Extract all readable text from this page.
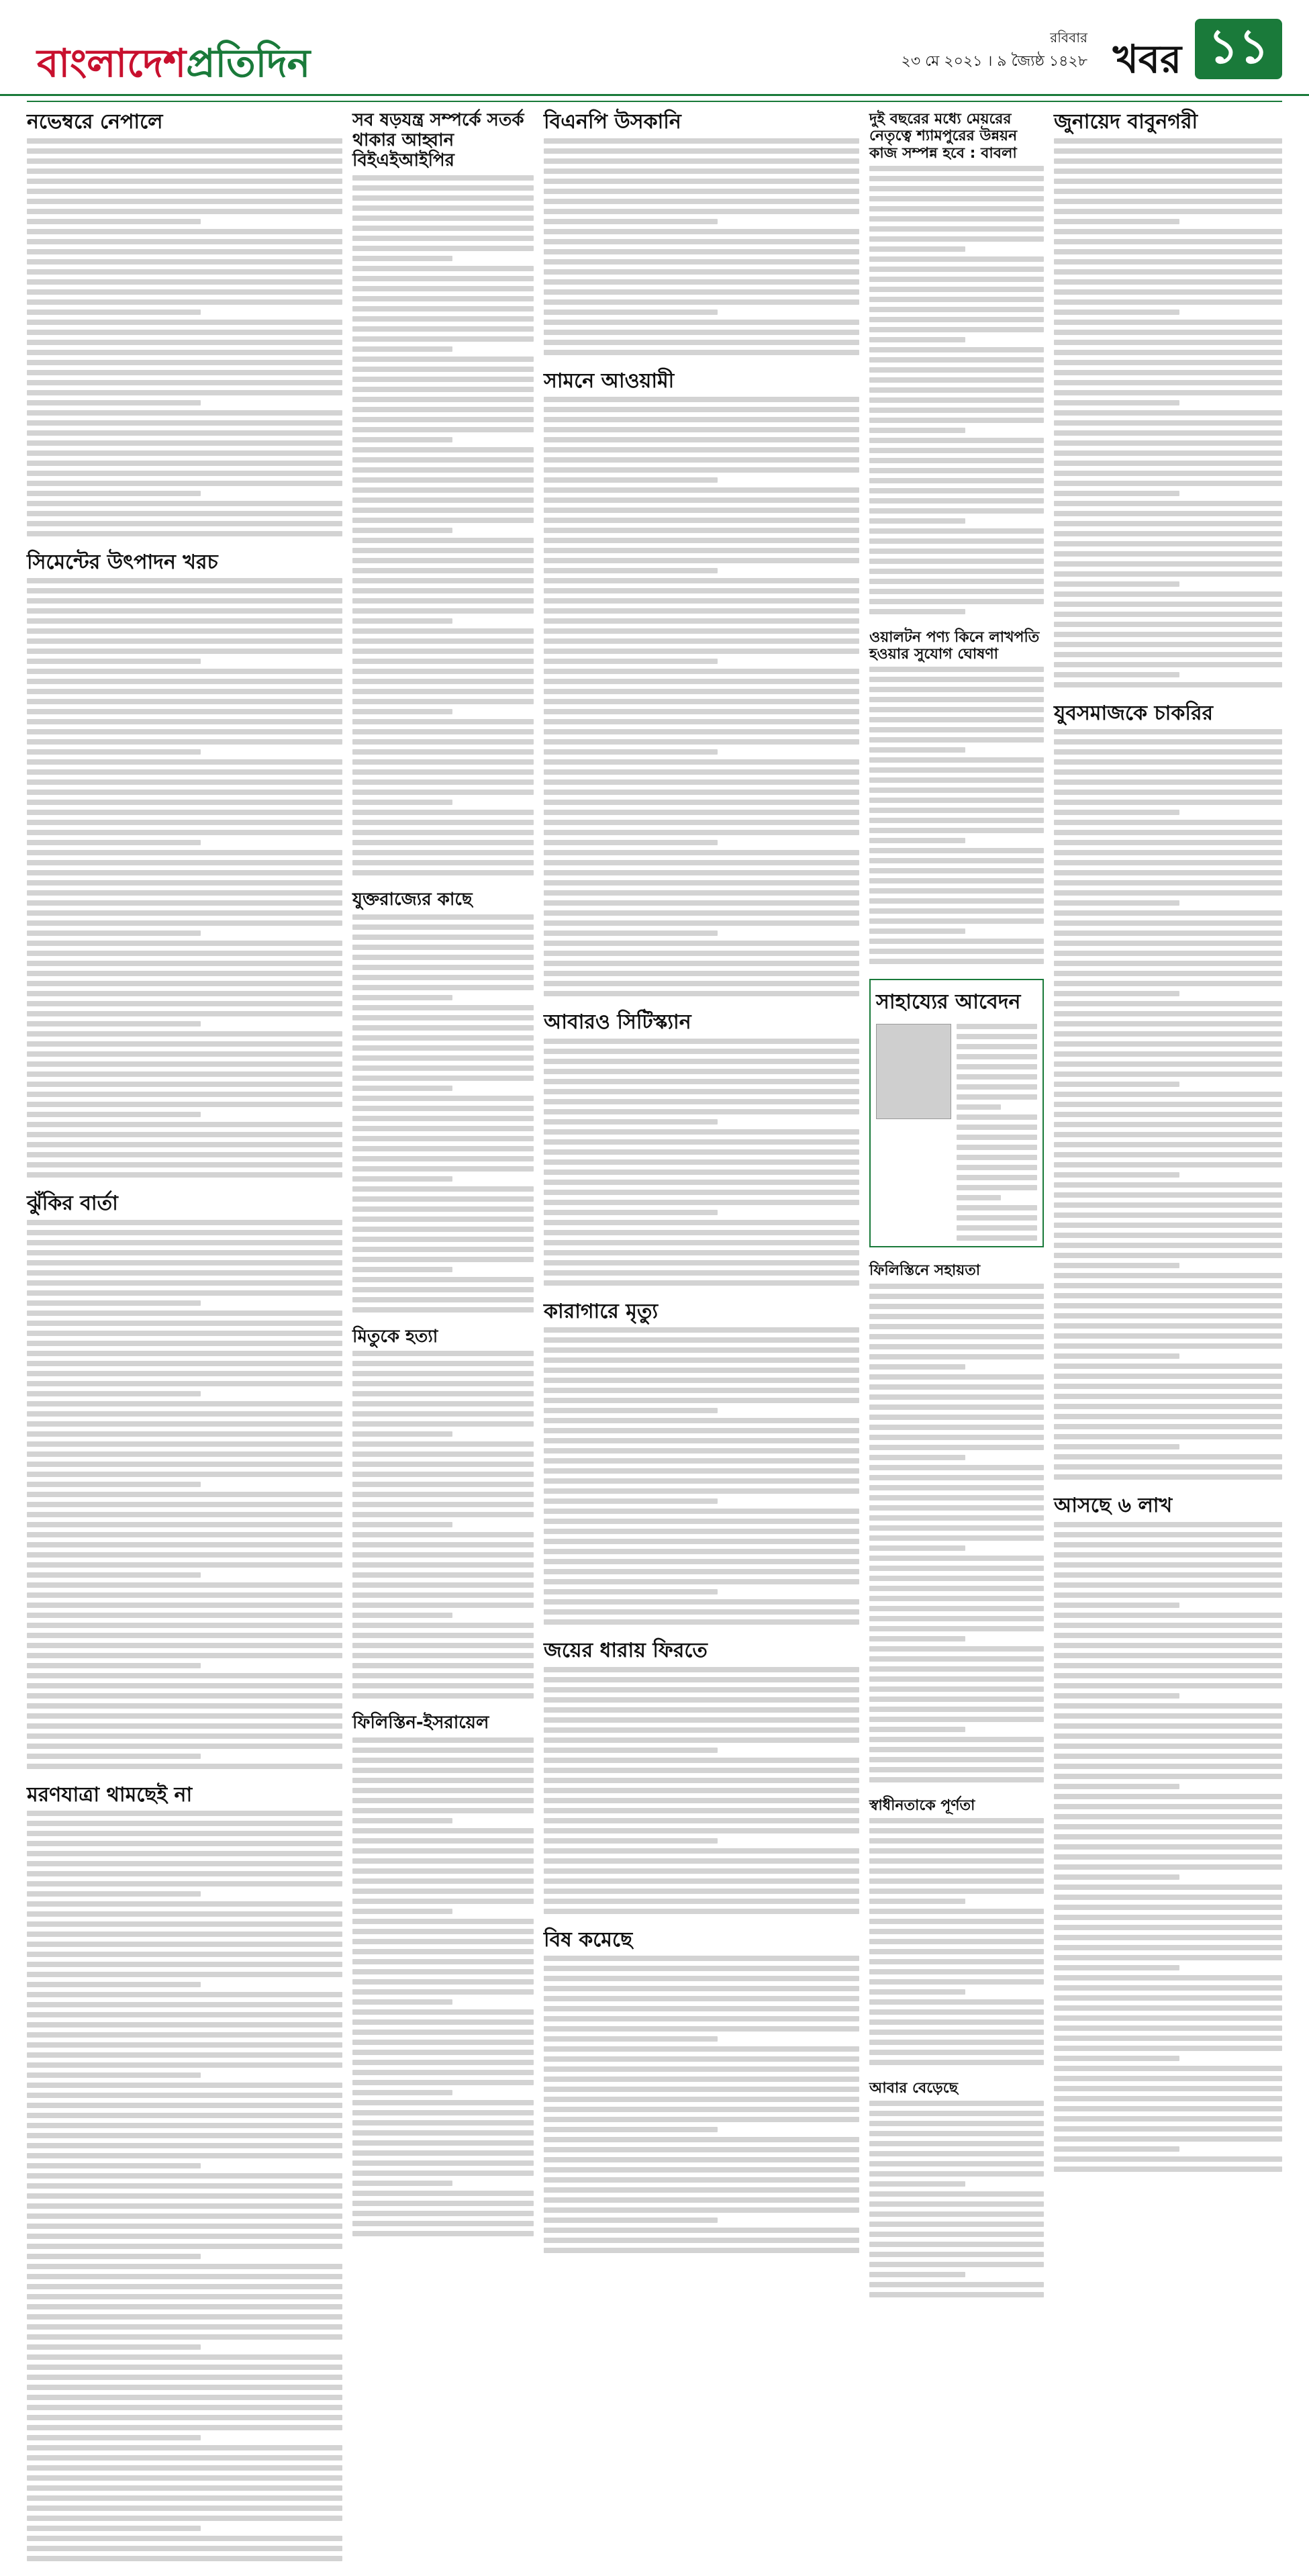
বাংলাদেশপ্রতিদিন
রবিবার
২৩ মে ২০২১ । ৯ জ্যৈষ্ঠ ১৪২৮ খবর ১১
নভেম্বরে নেপালে
সিমেন্টের উৎপাদন খরচ
ঝুঁকির বার্তা
মরণযাত্রা থামছেই না
সব ষড়যন্ত্র সম্পর্কে সতর্ক থাকার আহ্বান বিইএইআইপির
যুক্তরাজ্যের কাছে
মিতুকে হত্যা
ফিলিস্তিন-ইসরায়েল
বিএনপি উসকানি
সামনে আওয়ামী
আবারও সিটিস্ক্যান
কারাগারে মৃত্যু
জয়ের ধারায় ফিরতে
বিষ কমেছে
দুই বছরের মধ্যে মেয়রের নেতৃত্বে শ্যামপুরের উন্নয়ন কাজ সম্পন্ন হবে : বাবলা
ওয়ালটন পণ্য কিনে লাখপতি হওয়ার সুযোগ ঘোষণা
সাহায্যের আবেদন
ফিলিস্তিনে সহায়তা
স্বাধীনতাকে পূর্ণতা
আবার বেড়েছে
জুনায়েদ বাবুনগরী
যুবসমাজকে চাকরির
আসছে ৬ লাখ
